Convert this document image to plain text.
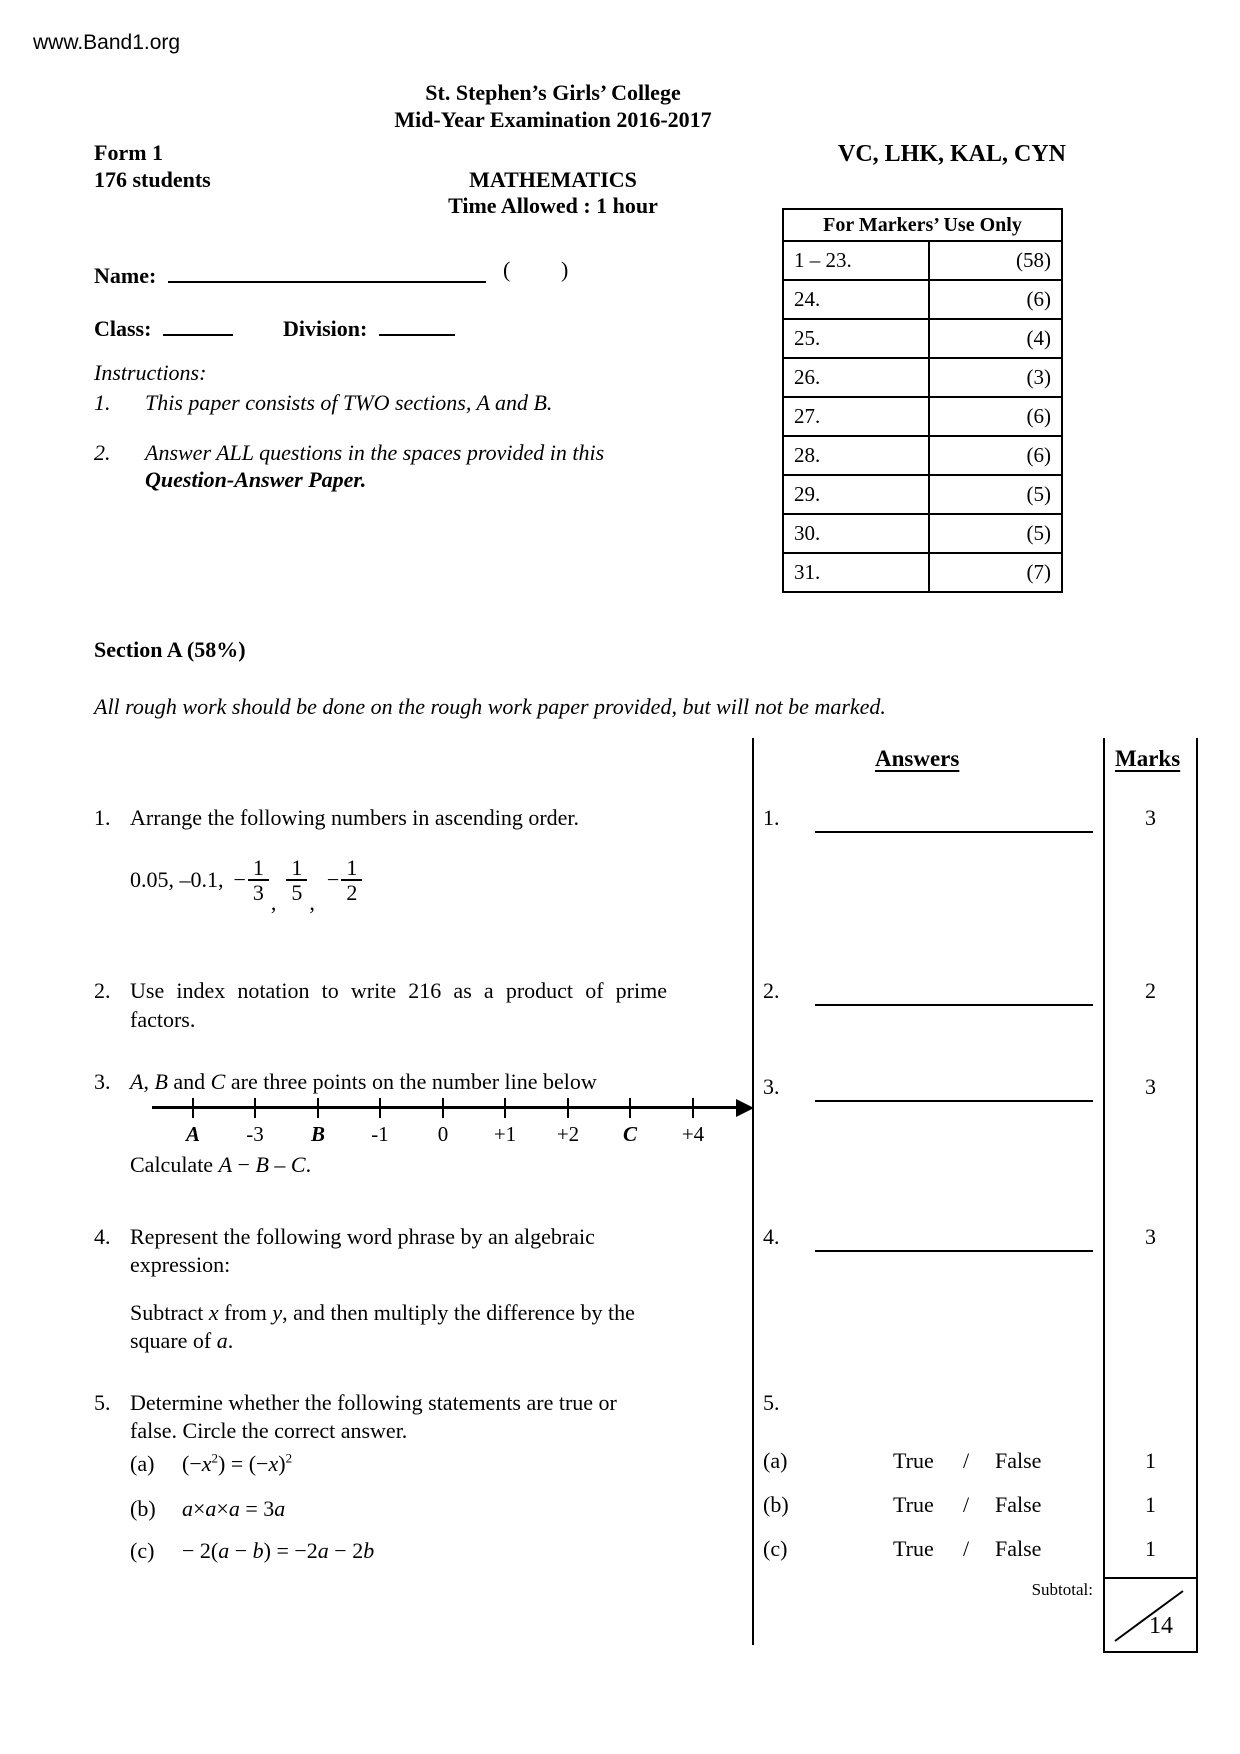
www.Band1.org
St. Stephen’s Girls’ College
Mid-Year Examination 2016-2017
Form 1	VC, LHK, KAL, CYN
176 students	MATHEMATICS
Time Allowed : 1 hour
For Markers’ Use Only	
1 – 23.	(58)
24.	(6)
25.	(4)
26.	(3)
27.	(6)
28.	(6)
29.	(5)
30.	(5)
31.	(7)
Name:	( )
Class:	Division:
Instructions:
1. This paper consists of TWO sections, A and B.
2. Answer ALL questions in the spaces provided in this
Question-Answer Paper.
Section A (58%)
All rough work should be done on the rough work paper provided, but will not be marked.
Answers	Marks
1.	3
2.	2
3.	3
4.	3
5.
(a)	True / False	1
(b)	True / False	1
(c)	True / False	1
Subtotal:
14
1. Arrange the following numbers in ascending order.
0.05, –0.1, − $\frac{1}{3}$ , $\frac{1}{5}$ ,
− $\frac{1}{2}$
2. Use index notation to write 216 as a product of prime
factors.
3. A, B and C are three points on the number line below
A	-3	B	-1	0	+1	+2	C	+4
Calculate A − B – C.
4. Represent the following word phrase by an algebraic
expression:
Subtract x from y, and then multiply the difference by the
square of a.
5. Determine whether the following statements are true or
false. Circle the correct answer.
(a) $(-x^2) = (-x)^2$
(b) a×a×a = 3a
(c) − 2(a − b) = −2a − 2b
